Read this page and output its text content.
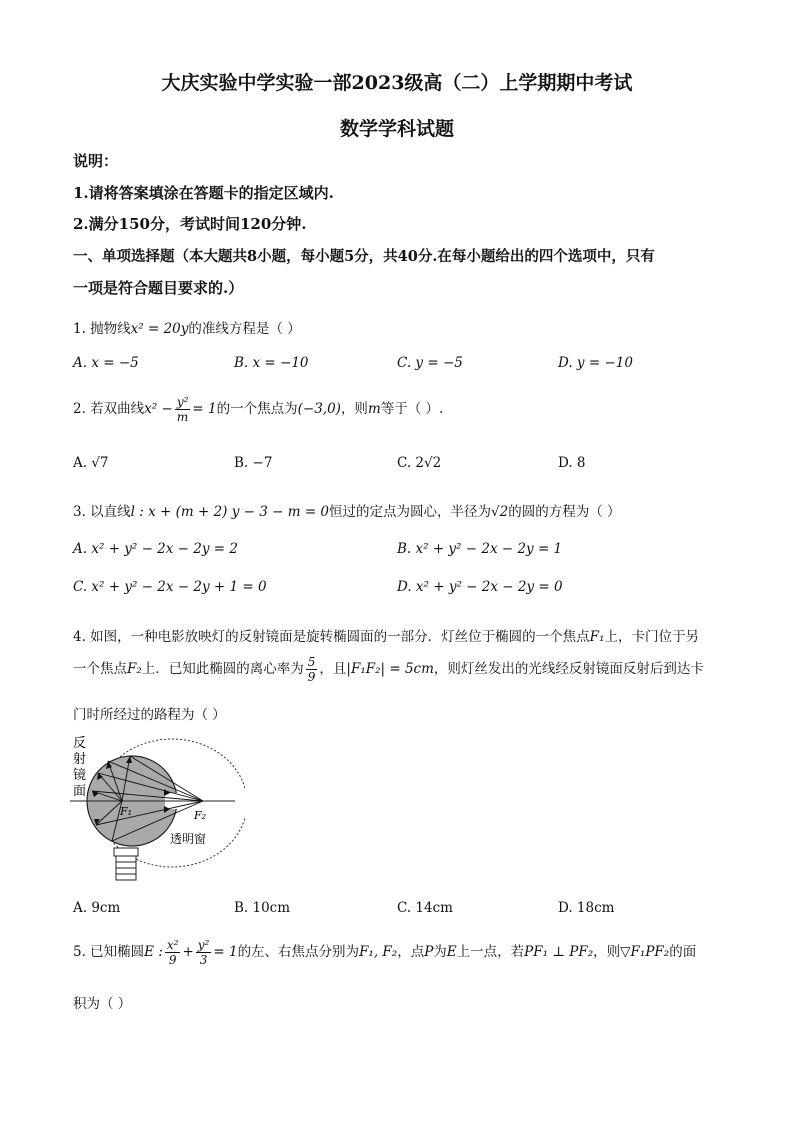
大庆实验中学实验一部2023级高（二）上学期期中考试
数学学科试题
说明：
1.请将答案填涂在答题卡的指定区域内.
2.满分150分，考试时间120分钟.
一、单项选择题（本大题共8小题，每小题5分，共40分.在每小题给出的四个选项中，只有
一项是符合题目要求的.）
1. 抛物线x² = 20y的准线方程是（ ）
A. x = −5	B. x = −10	C. y = −5	D. y = −10
2. 若双曲线$x^2 - \frac{\text{y²}}{m} = 1$的一个焦点为(−3,0)，则m等于（ ）.
A. √7	B. −7	C. 2√2	D. 8
3. 以直线l : x + (m + 2) y − 3 − m = 0恒过的定点为圆心，半径为√2的圆的方程为（ ）
A. x² + y² − 2x − 2y = 2	B. x² + y² − 2x − 2y = 1
C. x² + y² − 2x − 2y + 1 = 0	D. x² + y² − 2x − 2y = 0
4. 如图，一种电影放映灯的反射镜面是旋转椭圆面的一部分．灯丝位于椭圆的一个焦点F₁上，卡门位于另
一个焦点F₂上．已知此椭圆的离心率为 $\frac{5}{9}$ ，且|F₁F₂| = 5cm，则灯丝发出的光线经反射镜面反射后到达卡
门时所经过的路程为（ ）
F₁	F₂
透明窗
反
射
镜
面
A. 9cm	B. 10cm	C. 14cm	D. 18cm
5. 已知椭圆E : $\frac{\text{x²}}{9} + \frac{\text{y²}}{3} = 1$的左、右焦点分别为F₁, F₂，点P为E上一点，若PF₁ ⊥ PF₂，则▽F₁PF₂的面
积为（ ）
